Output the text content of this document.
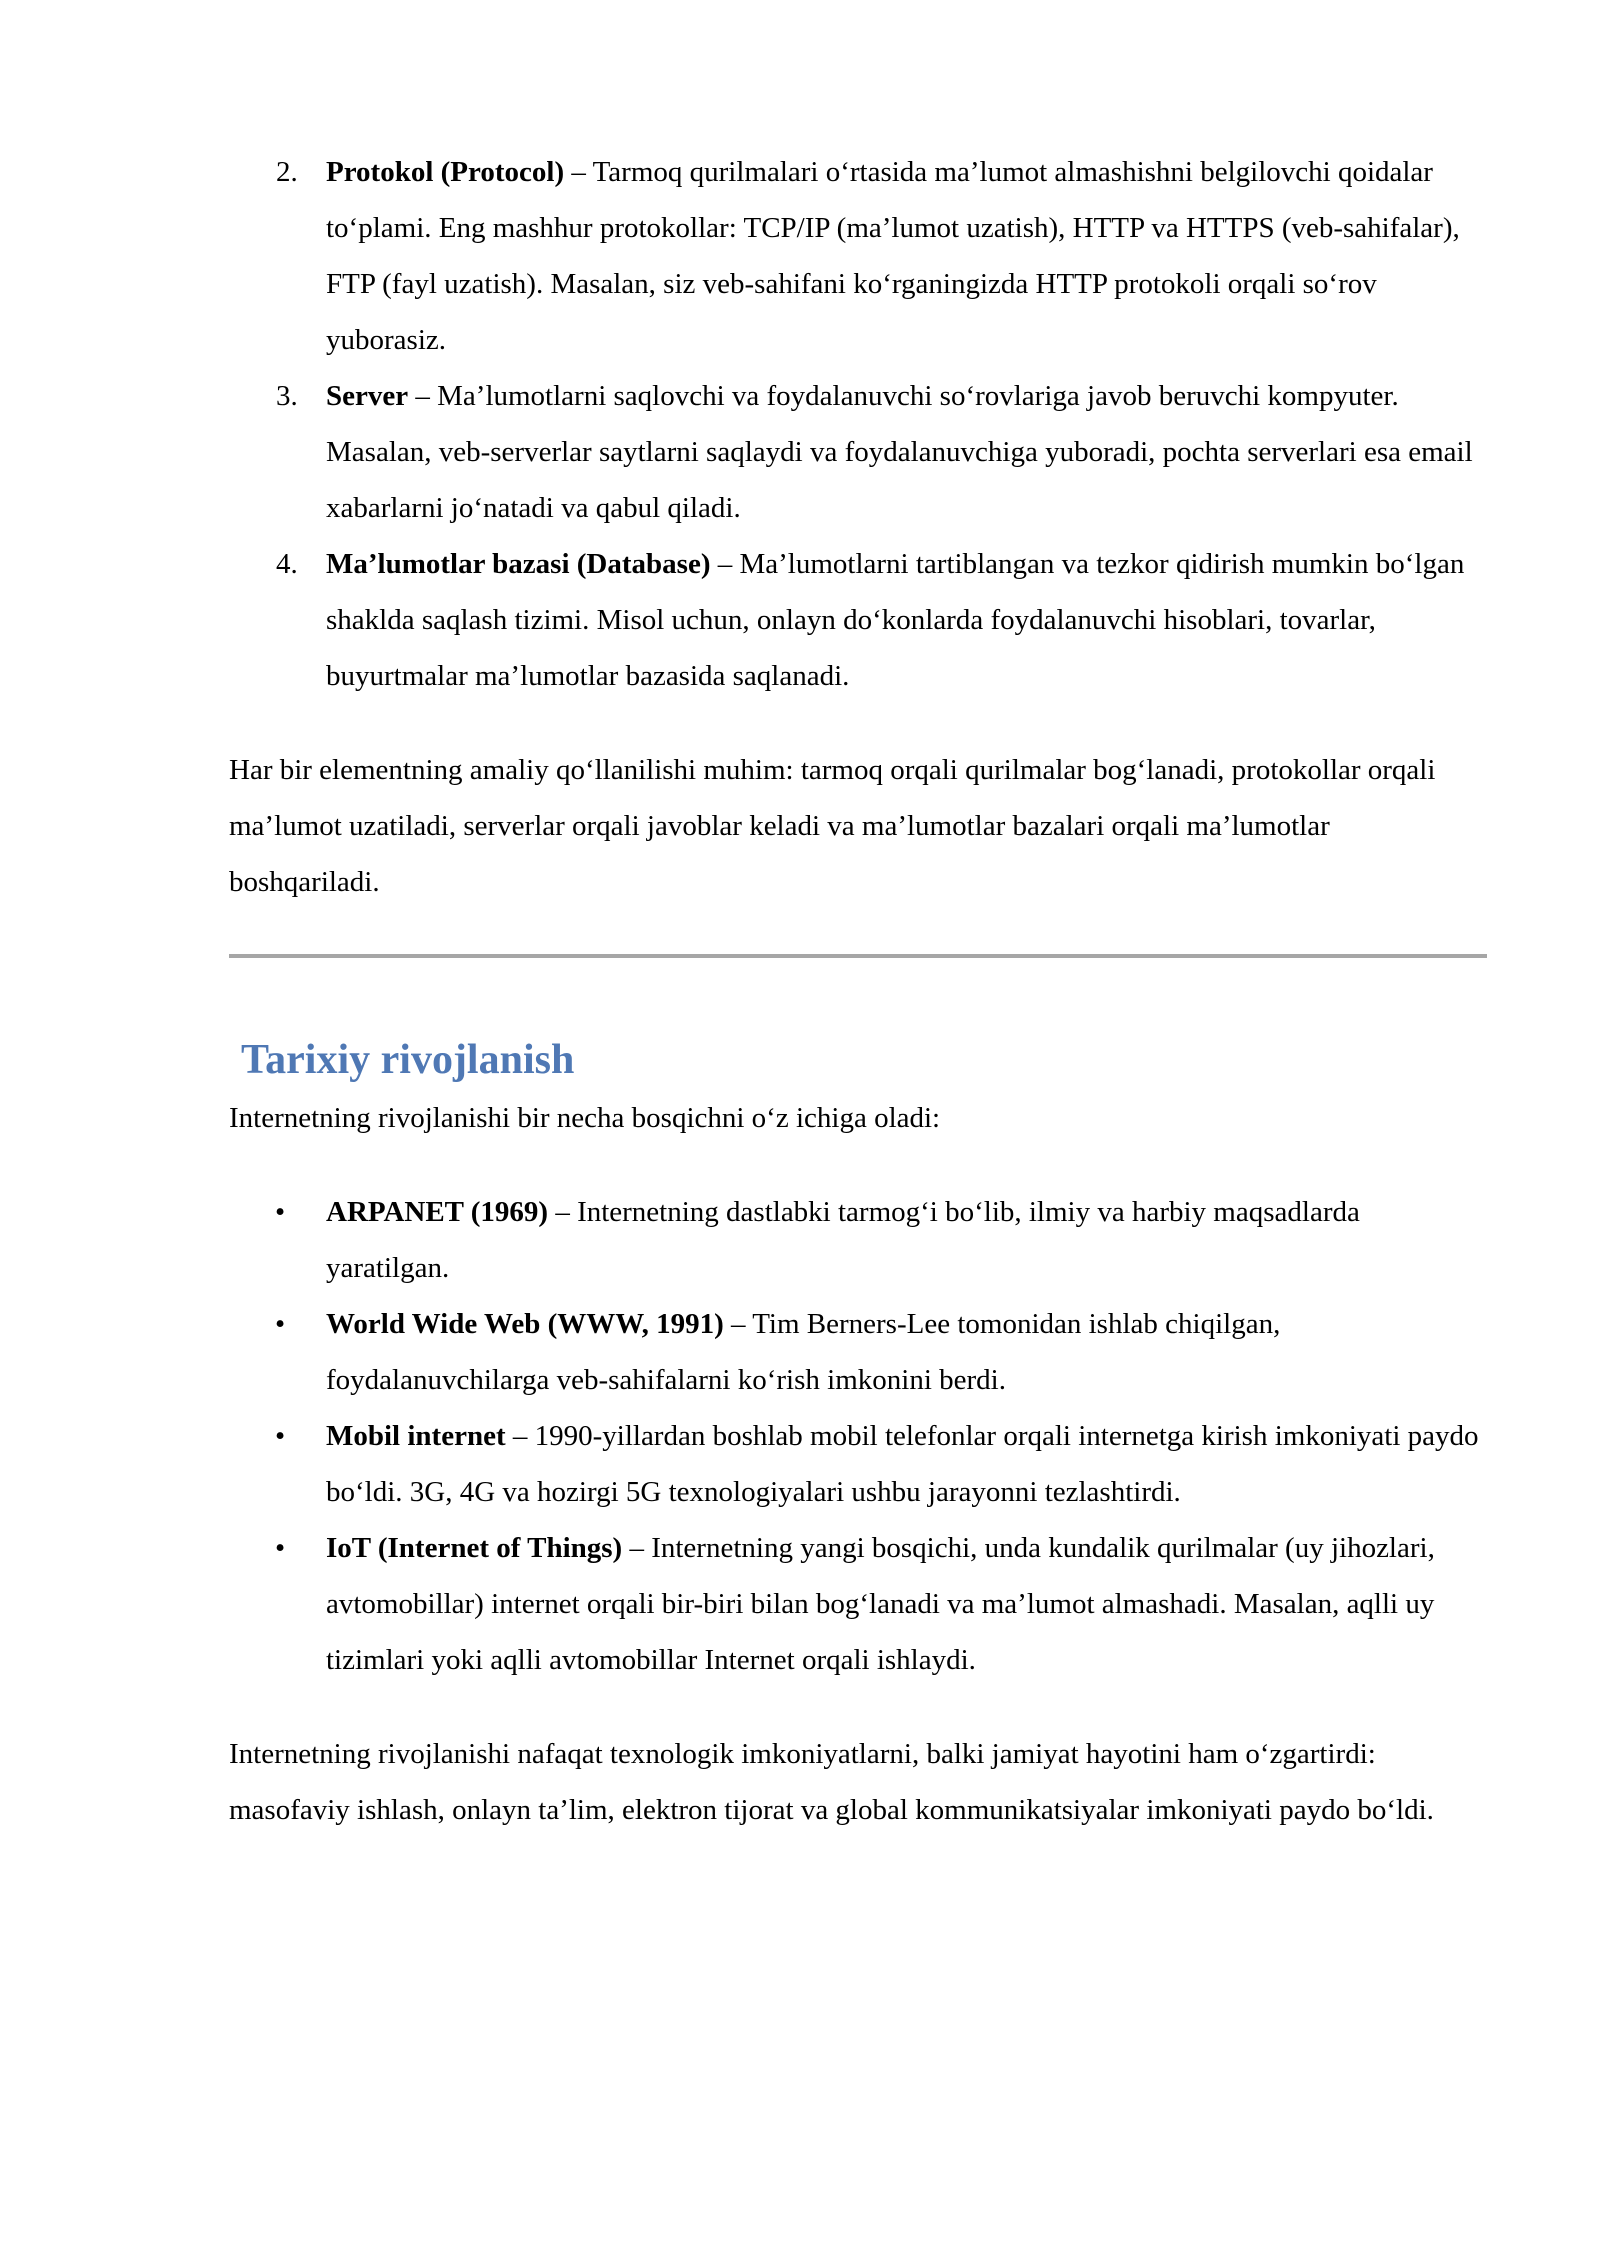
2. Protokol (Protocol) – Tarmoq qurilmalari o‘rtasida ma’lumot almashishni belgilovchi qoidalar to‘plami. Eng mashhur protokollar: TCP/IP (ma’lumot uzatish), HTTP va HTTPS (veb-sahifalar), FTP (fayl uzatish). Masalan, siz veb-sahifani ko‘rganingizda HTTP protokoli orqali so‘rov yuborasiz.
3. Server – Ma’lumotlarni saqlovchi va foydalanuvchi so‘rovlariga javob beruvchi kompyuter. Masalan, veb-serverlar saytlarni saqlaydi va foydalanuvchiga yuboradi, pochta serverlari esa email xabarlarni jo‘natadi va qabul qiladi.
4. Ma’lumotlar bazasi (Database) – Ma’lumotlarni tartiblangan va tezkor qidirish mumkin bo‘lgan shaklda saqlash tizimi. Misol uchun, onlayn do‘konlarda foydalanuvchi hisoblari, tovarlar, buyurtmalar ma’lumotlar bazasida saqlanadi.

Har bir elementning amaliy qo‘llanilishi muhim: tarmoq orqali qurilmalar bog‘lanadi, protokollar orqali ma’lumot uzatiladi, serverlar orqali javoblar keladi va ma’lumotlar bazalari orqali ma’lumotlar boshqariladi.

Tarixiy rivojlanish

Internetning rivojlanishi bir necha bosqichni o‘z ichiga oladi:

•	ARPANET (1969) – Internetning dastlabki tarmog‘i bo‘lib, ilmiy va harbiy maqsadlarda yaratilgan.
•	World Wide Web (WWW, 1991) – Tim Berners-Lee tomonidan ishlab chiqilgan, foydalanuvchilarga veb-sahifalarni ko‘rish imkonini berdi.
•	Mobil internet – 1990-yillardan boshlab mobil telefonlar orqali internetga kirish imkoniyati paydo bo‘ldi. 3G, 4G va hozirgi 5G texnologiyalari ushbu jarayonni tezlashtirdi.
•	IoT (Internet of Things) – Internetning yangi bosqichi, unda kundalik qurilmalar (uy jihozlari, avtomobillar) internet orqali bir-biri bilan bog‘lanadi va ma’lumot almashadi. Masalan, aqlli uy tizimlari yoki aqlli avtomobillar Internet orqali ishlaydi.

Internetning rivojlanishi nafaqat texnologik imkoniyatlarni, balki jamiyat hayotini ham o‘zgartirdi: masofaviy ishlash, onlayn ta’lim, elektron tijorat va global kommunikatsiyalar imkoniyati paydo bo‘ldi.
